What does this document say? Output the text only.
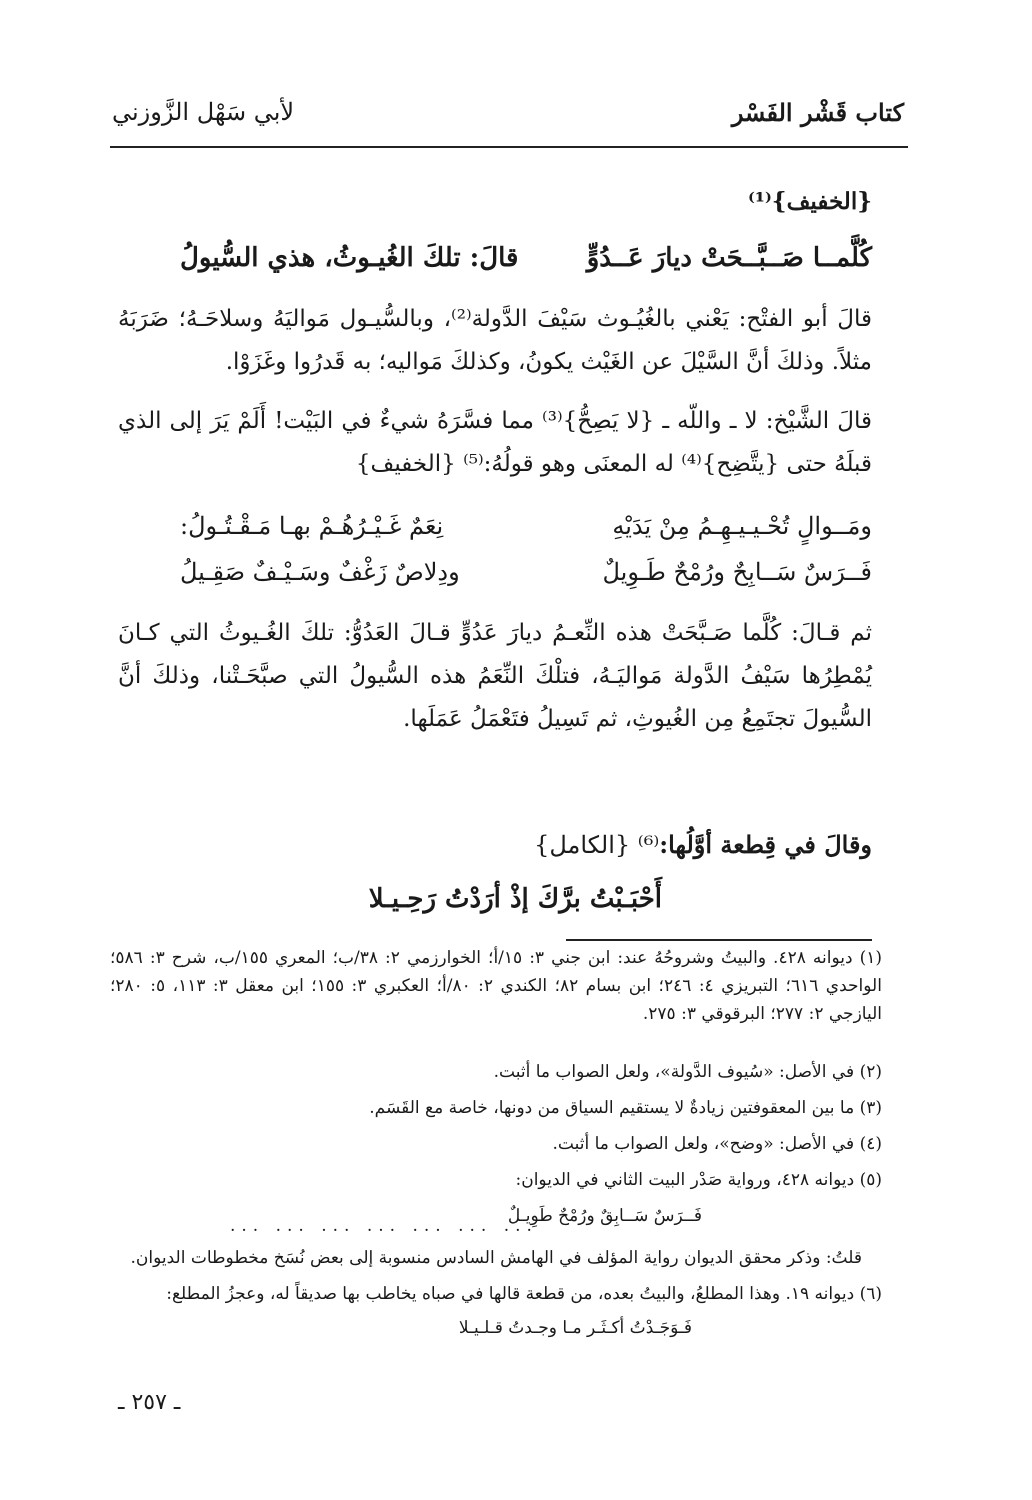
كتاب قَشْر الفَسْر
لأبي سَهْل الزَّوزني
{الخفيف}⁽¹⁾
كُلَّمــا صَــبَّــحَتْ ديارَ عَــدُوٍّ
قالَ: تلكَ الغُيـوثُ، هذي السُّيولُ
قالَ أبو الفتْح: يَعْني بالغُيُـوث سَيْفَ الدَّولة⁽²⁾، وبالسُّيـول مَواليَهُ وسلاحَـهُ؛ ضَرَبَهُ مثلاً. وذلكَ أنَّ السَّيْلَ عن الغَيْث يكونُ، وكذلكَ مَواليه؛ به قَدرُوا وغَزَوْا.
قالَ الشَّيْخ: لا ـ واللّه ـ {لا يَصِحُّ}⁽³⁾ مما فسَّرَهُ شيءٌ في البَيْت! أَلَمْ يَرَ إلى الذي قبلَهُ حتى {يتَّضِح}⁽⁴⁾ له المعنَى وهو قولُهُ:⁽⁵⁾ {الخفيف}
ومَــوالٍ تُحْـيـيـهِـمُ مِنْ يَدَيْهِ
نِعَمٌ غَـيْـرُهُـمْ بهـا مَـقْـتُـولُ:
فَــرَسٌ سَــابِحٌ ورُمْحٌ طَـوِيلٌ
ودِلاصٌ زَغْفٌ وسَـيْـفٌ صَقِـيلُ
ثم قـالَ: كُلَّما صَـبَّحَتْ هذه النِّعـمُ ديارَ عَدُوٍّ قـالَ العَدُوُّ: تلكَ الغُـيوثُ التي كـانَ يُمْطِرُها سَيْفُ الدَّولة مَواليَـهُ، فتلْكَ النِّعَمُ هذه السُّيولُ التي صبَّحَـتْنا، وذلكَ أنَّ السُّيولَ تجتَمِعُ مِن الغُيوثِ، ثم تَسِيلُ فتَعْمَلُ عَمَلَها.
وقالَ في قِطعة أوَّلُها:⁽⁶⁾ {الكامل}
أَحْبَـبْتُ برَّكَ إذْ أرَدْتُ رَحِـيـلا
(١) ديوانه ٤٢٨. والبيتُ وشروحُهُ عند: ابن جني ٣: ١٥/أ؛ الخوارزمي ٢: ٣٨/ب؛ المعري ١٥٥/ب، شرح ٣: ٥٨٦؛ الواحدي ٦١٦؛ التبريزي ٤: ٢٤٦؛ ابن بسام ٨٢؛ الكندي ٢: ٨٠/أ؛ العكبري ٣: ١٥٥؛ ابن معقل ٣: ١١٣، ٥: ٢٨٠؛ اليازجي ٢: ٢٧٧؛ البرقوقي ٣: ٢٧٥.
(٢) في الأصل: «سُيوف الدَّولة»، ولعل الصواب ما أثبت.
(٣) ما بين المعقوفتين زيادةٌ لا يستقيم السياق من دونها، خاصة مع القَسَم.
(٤) في الأصل: «وضح»، ولعل الصواب ما أثبت.
(٥) ديوانه ٤٢٨، ورواية صَدْر البيت الثاني في الديوان:
فَــرَسٌ سَــابِقٌ ورُمْحٌ طَوِيـلٌ
... ... ... ... ... ... ...
قلتُ: وذكر محقق الديوان رواية المؤلف في الهامش السادس منسوبة إلى بعض نُسَخ مخطوطات الديوان.
(٦) ديوانه ١٩. وهذا المطلعُ، والبيتُ بعده، من قطعة قالها في صباه يخاطب بها صديقاً له، وعجزُ المطلع:
فَـوَجَـدْتُ أكـثَـر مـا وجـدتُ قـلـيـلا
ـ ٢٥٧ ـ
